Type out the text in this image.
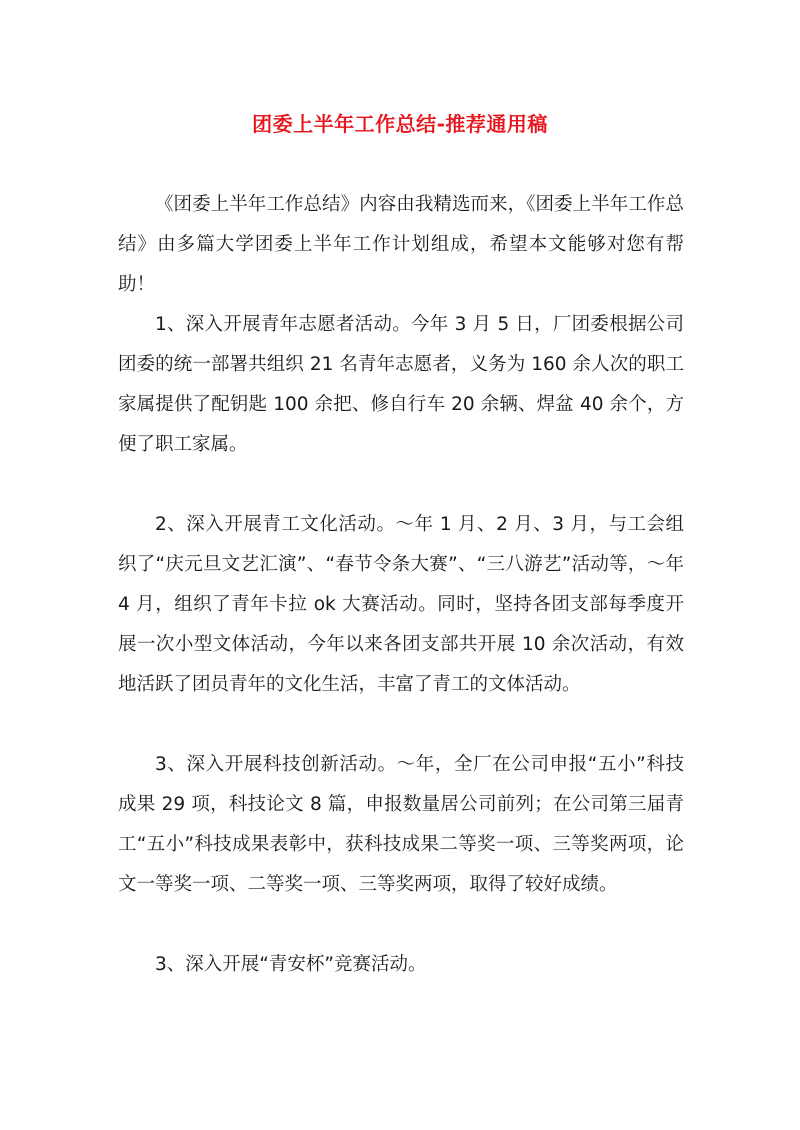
团委上半年工作总结-推荐通用稿

《团委上半年工作总结》内容由我精选而来，《团委上半年工作总结》由多篇大学团委上半年工作计划组成，希望本文能够对您有帮助！

1、深入开展青年志愿者活动。今年 3 月 5 日，厂团委根据公司团委的统一部署共组织 21 名青年志愿者，义务为 160 余人次的职工家属提供了配钥匙 100 余把、修自行车 20 余辆、焊盆 40 余个，方便了职工家属。

2、深入开展青工文化活动。～年 1 月、2 月、3 月，与工会组织了“庆元旦文艺汇演”、“春节令条大赛”、“三八游艺”活动等，～年 4 月，组织了青年卡拉 ok 大赛活动。同时，坚持各团支部每季度开展一次小型文体活动，今年以来各团支部共开展 10 余次活动，有效地活跃了团员青年的文化生活，丰富了青工的文体活动。

3、深入开展科技创新活动。～年，全厂在公司申报“五小”科技成果 29 项，科技论文 8 篇，申报数量居公司前列；在公司第三届青工“五小”科技成果表彰中，获科技成果二等奖一项、三等奖两项，论文一等奖一项、二等奖一项、三等奖两项，取得了较好成绩。

3、深入开展“青安杯”竞赛活动。
